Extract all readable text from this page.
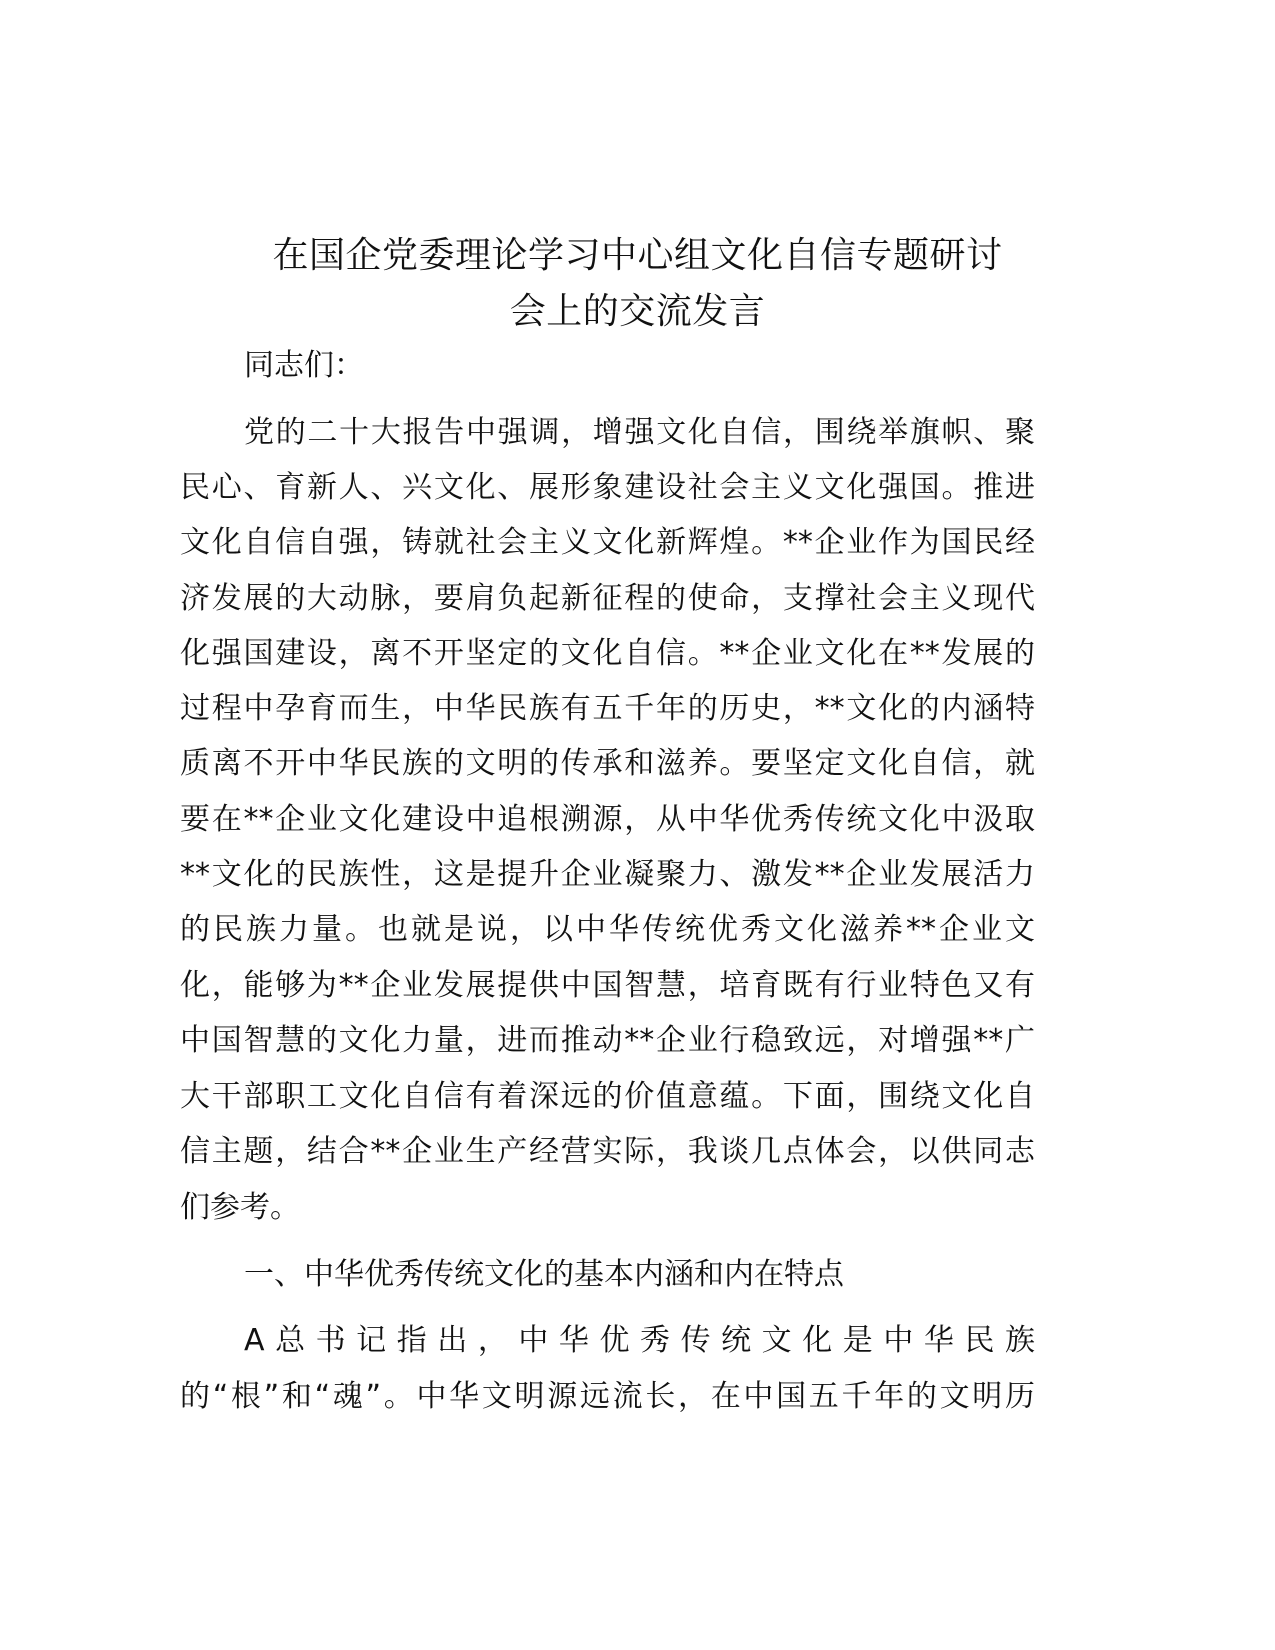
在国企党委理论学习中心组文化自信专题研讨
会上的交流发言
同志们：
党的二十大报告中强调，增强文化自信，围绕举旗帜、聚
民心、育新人、兴文化、展形象建设社会主义文化强国。推进
文化自信自强，铸就社会主义文化新辉煌。**企业作为国民经
济发展的大动脉，要肩负起新征程的使命，支撑社会主义现代
化强国建设，离不开坚定的文化自信。**企业文化在**发展的
过程中孕育而生，中华民族有五千年的历史，**文化的内涵特
质离不开中华民族的文明的传承和滋养。要坚定文化自信，就
要在**企业文化建设中追根溯源，从中华优秀传统文化中汲取
**文化的民族性，这是提升企业凝聚力、激发**企业发展活力
的民族力量。也就是说，以中华传统优秀文化滋养**企业文
化，能够为**企业发展提供中国智慧，培育既有行业特色又有
中国智慧的文化力量，进而推动**企业行稳致远，对增强**广
大干部职工文化自信有着深远的价值意蕴。下面，围绕文化自
信主题，结合**企业生产经营实际，我谈几点体会，以供同志
们参考。
一、中华优秀传统文化的基本内涵和内在特点
A总书记指出，中华优秀传统文化是中华民族
的“根”和“魂”。中华文明源远流长，在中国五千年的文明历
